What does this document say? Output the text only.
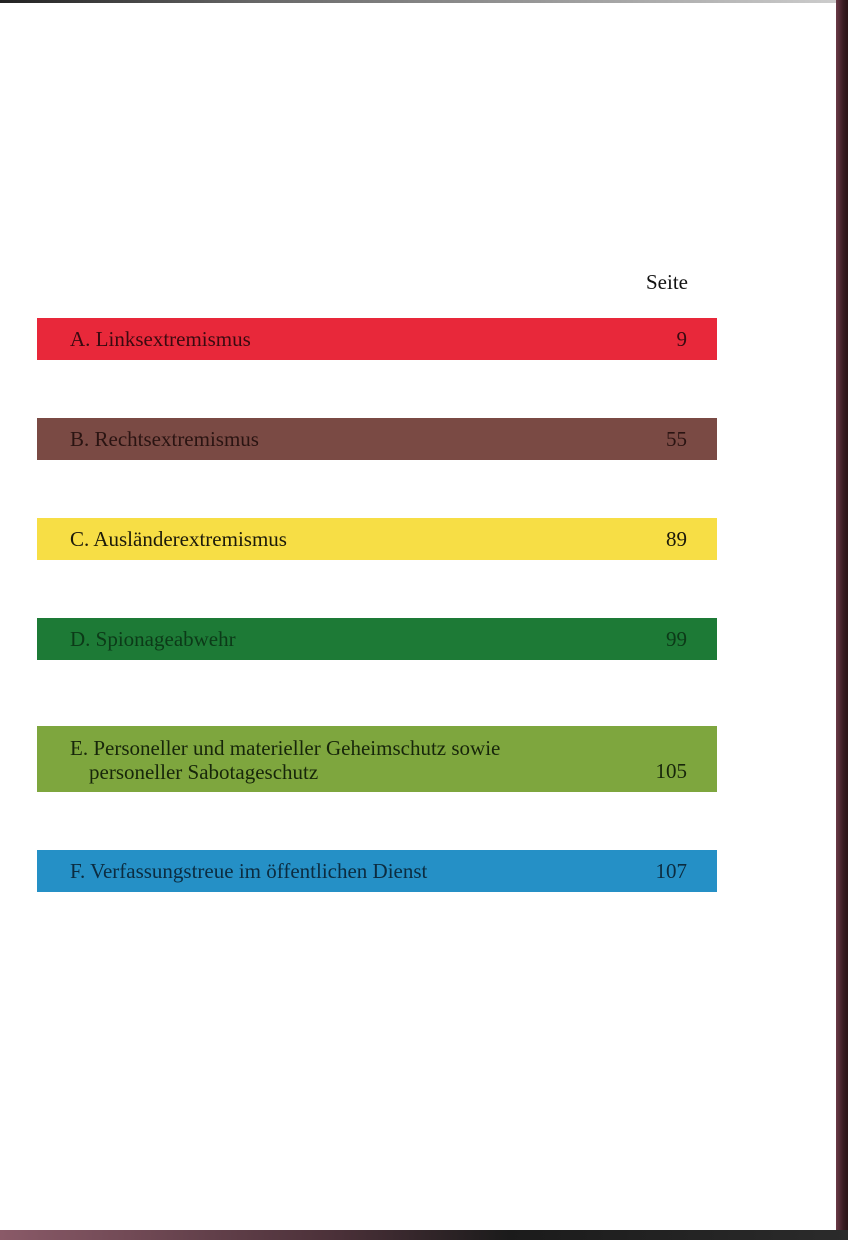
Seite
A. Linksextremismus	9
B. Rechtsextremismus	55
C. Ausländerextremismus	89
D. Spionageabwehr	99
E. Personeller und materieller Geheimschutz sowie
personeller Sabotageschutz	105
F. Verfassungstreue im öffentlichen Dienst	107
